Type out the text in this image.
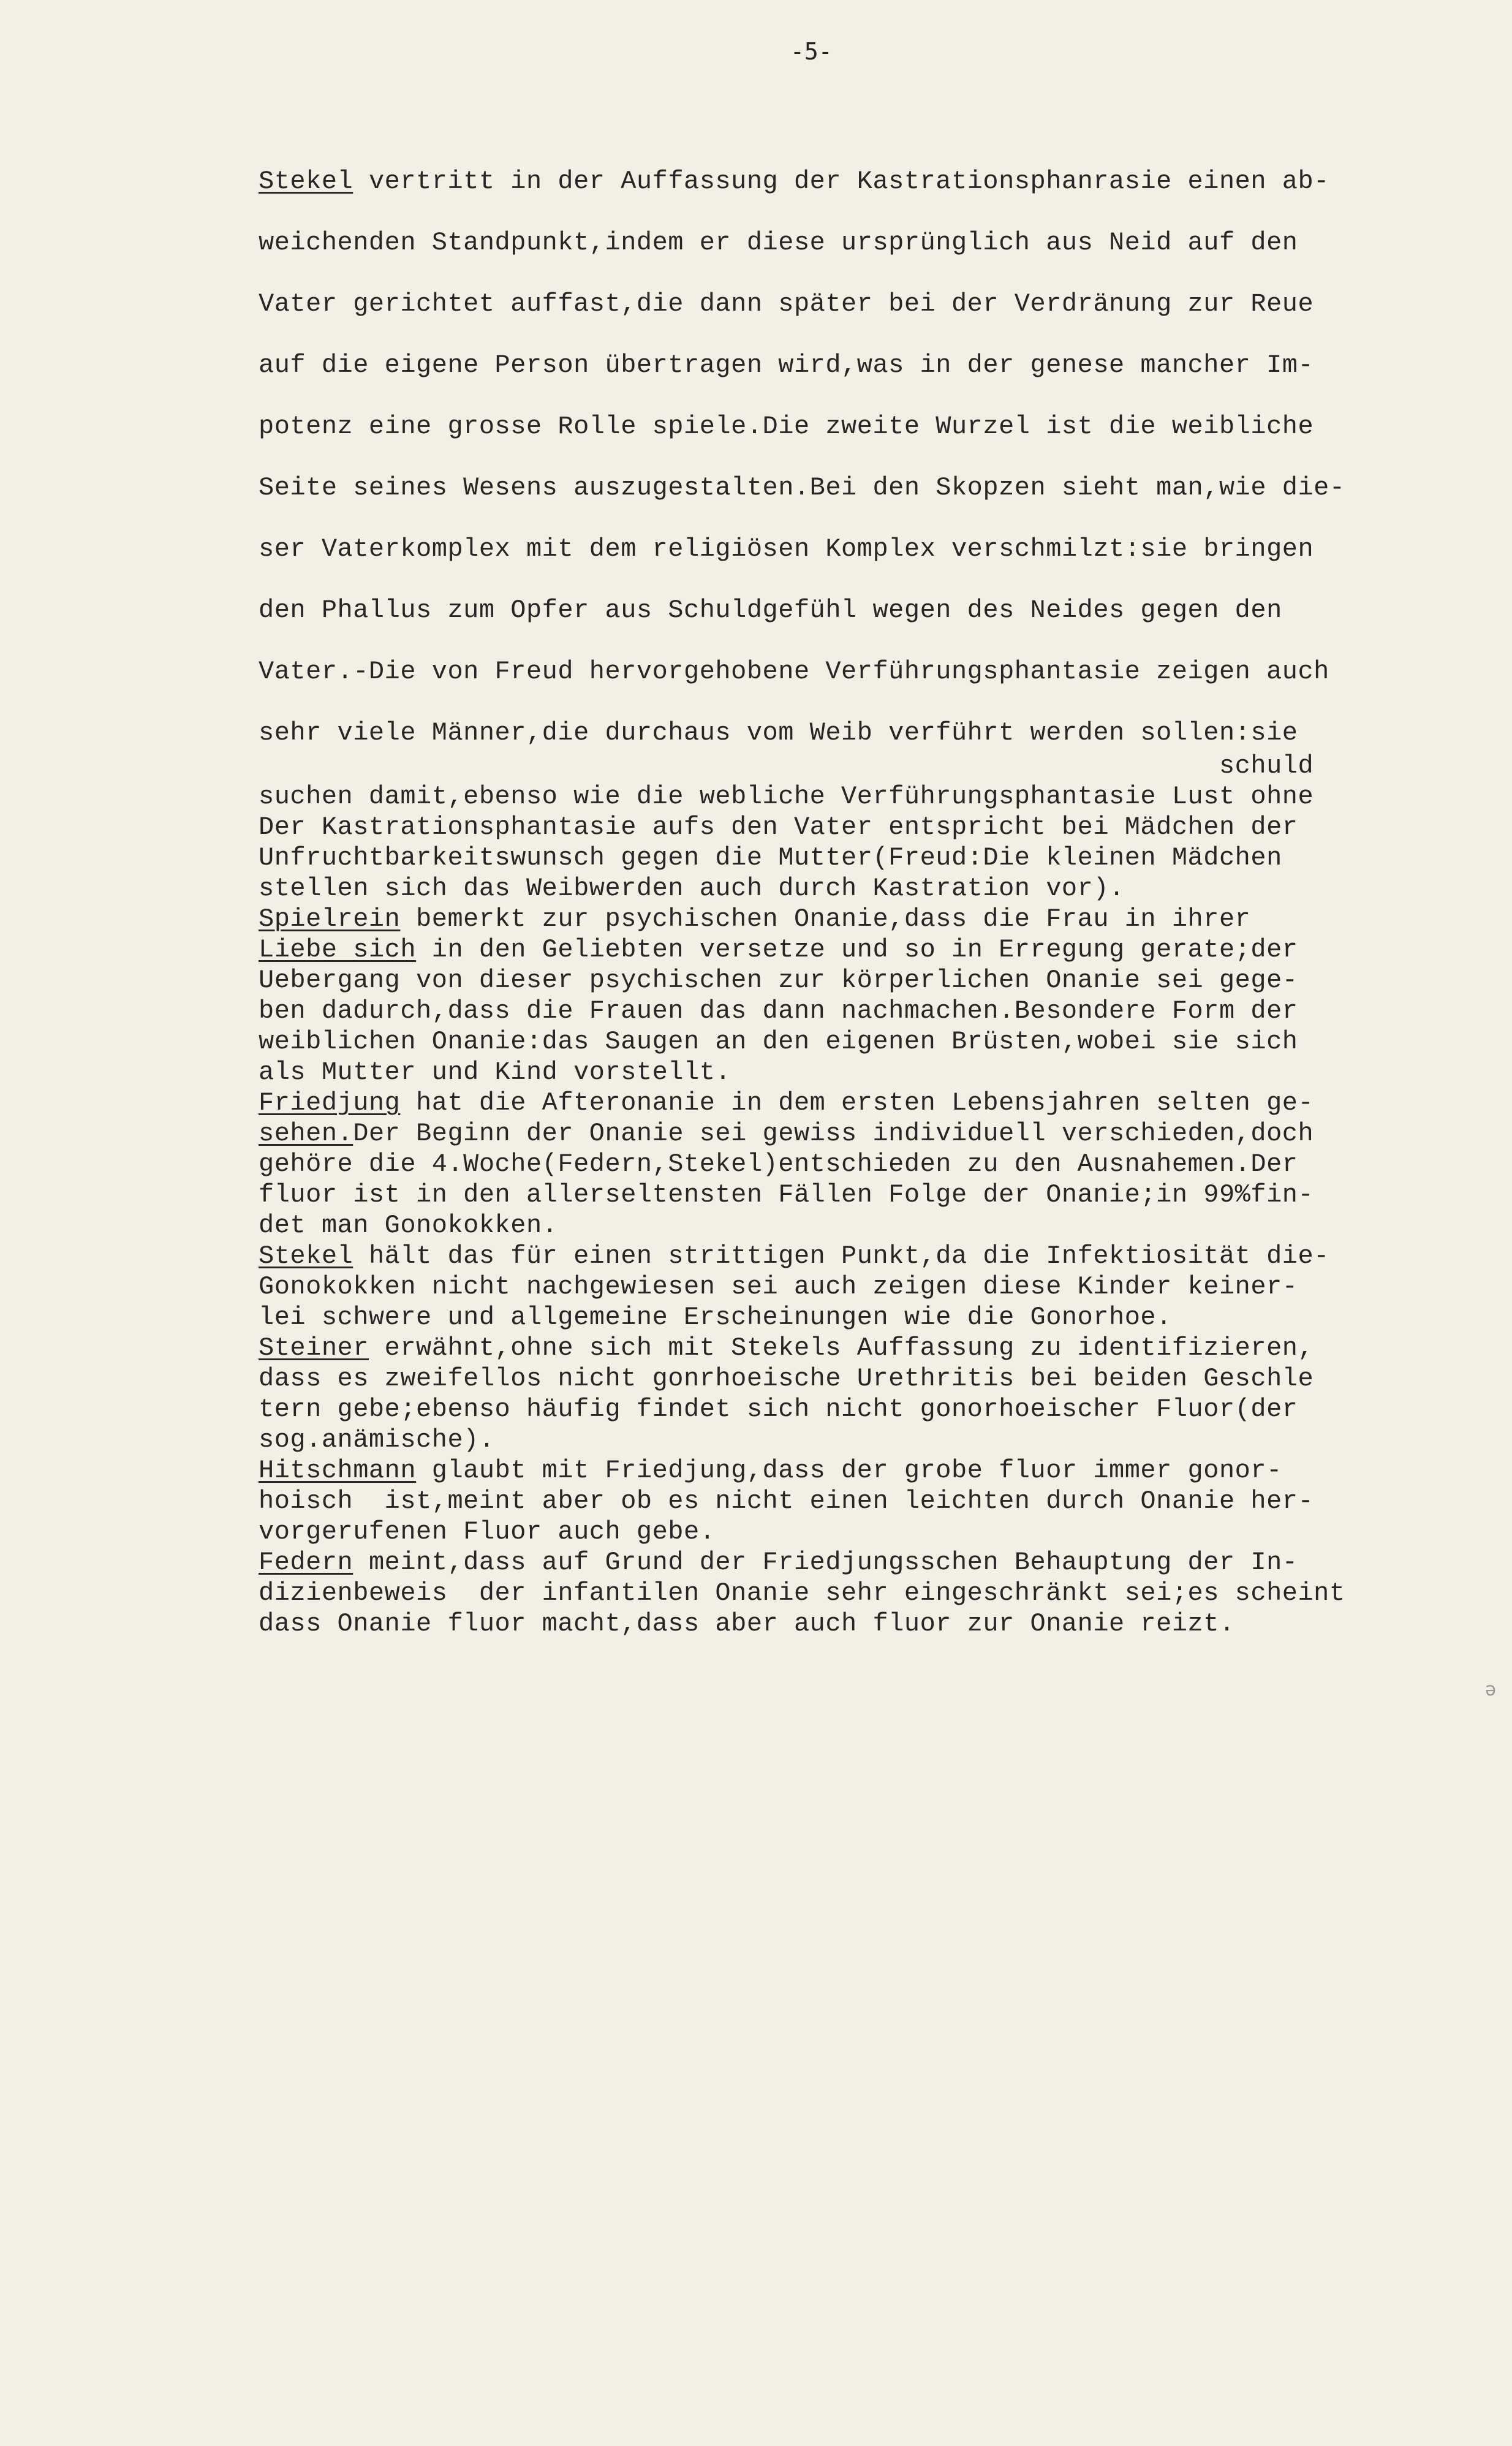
-5-
Stekel vertritt in der Auffassung der Kastrationsphanrasie einen ab-
weichenden Standpunkt,indem er diese ursprünglich aus Neid auf den
Vater gerichtet auffast,die dann später bei der Verdränung zur Reue
auf die eigene Person übertragen wird,was in der genese mancher Im-
potenz eine grosse Rolle spiele.Die zweite Wurzel ist die weibliche
Seite seines Wesens auszugestalten.Bei den Skopzen sieht man,wie die-
ser Vaterkomplex mit dem religiösen Komplex verschmilzt:sie bringen
den Phallus zum Opfer aus Schuldgefühl wegen des Neides gegen den
Vater.-Die von Freud hervorgehobene Verführungsphantasie zeigen auch
sehr viele Männer,die durchaus vom Weib verführt werden sollen:sie
schuld
suchen damit,ebenso wie die webliche Verführungsphantasie Lust ohne
Der Kastrationsphantasie aufs den Vater entspricht bei Mädchen der
Unfruchtbarkeitswunsch gegen die Mutter(Freud:Die kleinen Mädchen
stellen sich das Weibwerden auch durch Kastration vor).
Spielrein bemerkt zur psychischen Onanie,dass die Frau in ihrer
Liebe sich in den Geliebten versetze und so in Erregung gerate;der
Uebergang von dieser psychischen zur körperlichen Onanie sei gege-
ben dadurch,dass die Frauen das dann nachmachen.Besondere Form der
weiblichen Onanie:das Saugen an den eigenen Brüsten,wobei sie sich
als Mutter und Kind vorstellt.
Friedjung hat die Afteronanie in dem ersten Lebensjahren selten ge-
sehen.Der Beginn der Onanie sei gewiss individuell verschieden,doch
gehöre die 4.Woche(Federn,Stekel)entschieden zu den Ausnahemen.Der
fluor ist in den allerseltensten Fällen Folge der Onanie;in 99%fin-
det man Gonokokken.
Stekel hält das für einen strittigen Punkt,da die Infektiosität die-
Gonokokken nicht nachgewiesen sei auch zeigen diese Kinder keiner-
lei schwere und allgemeine Erscheinungen wie die Gonorhoe.
Steiner erwähnt,ohne sich mit Stekels Auffassung zu identifizieren,
dass es zweifellos nicht gonrhoeische Urethritis bei beiden Geschle
tern gebe;ebenso häufig findet sich nicht gonorhoeischer Fluor(der
sog.anämische).
Hitschmann glaubt mit Friedjung,dass der grobe fluor immer gonor-
hoisch  ist,meint aber ob es nicht einen leichten durch Onanie her-
vorgerufenen Fluor auch gebe.
Federn meint,dass auf Grund der Friedjungsschen Behauptung der In-
dizienbeweis  der infantilen Onanie sehr eingeschränkt sei;es scheint
dass Onanie fluor macht,dass aber auch fluor zur Onanie reizt.
ə
